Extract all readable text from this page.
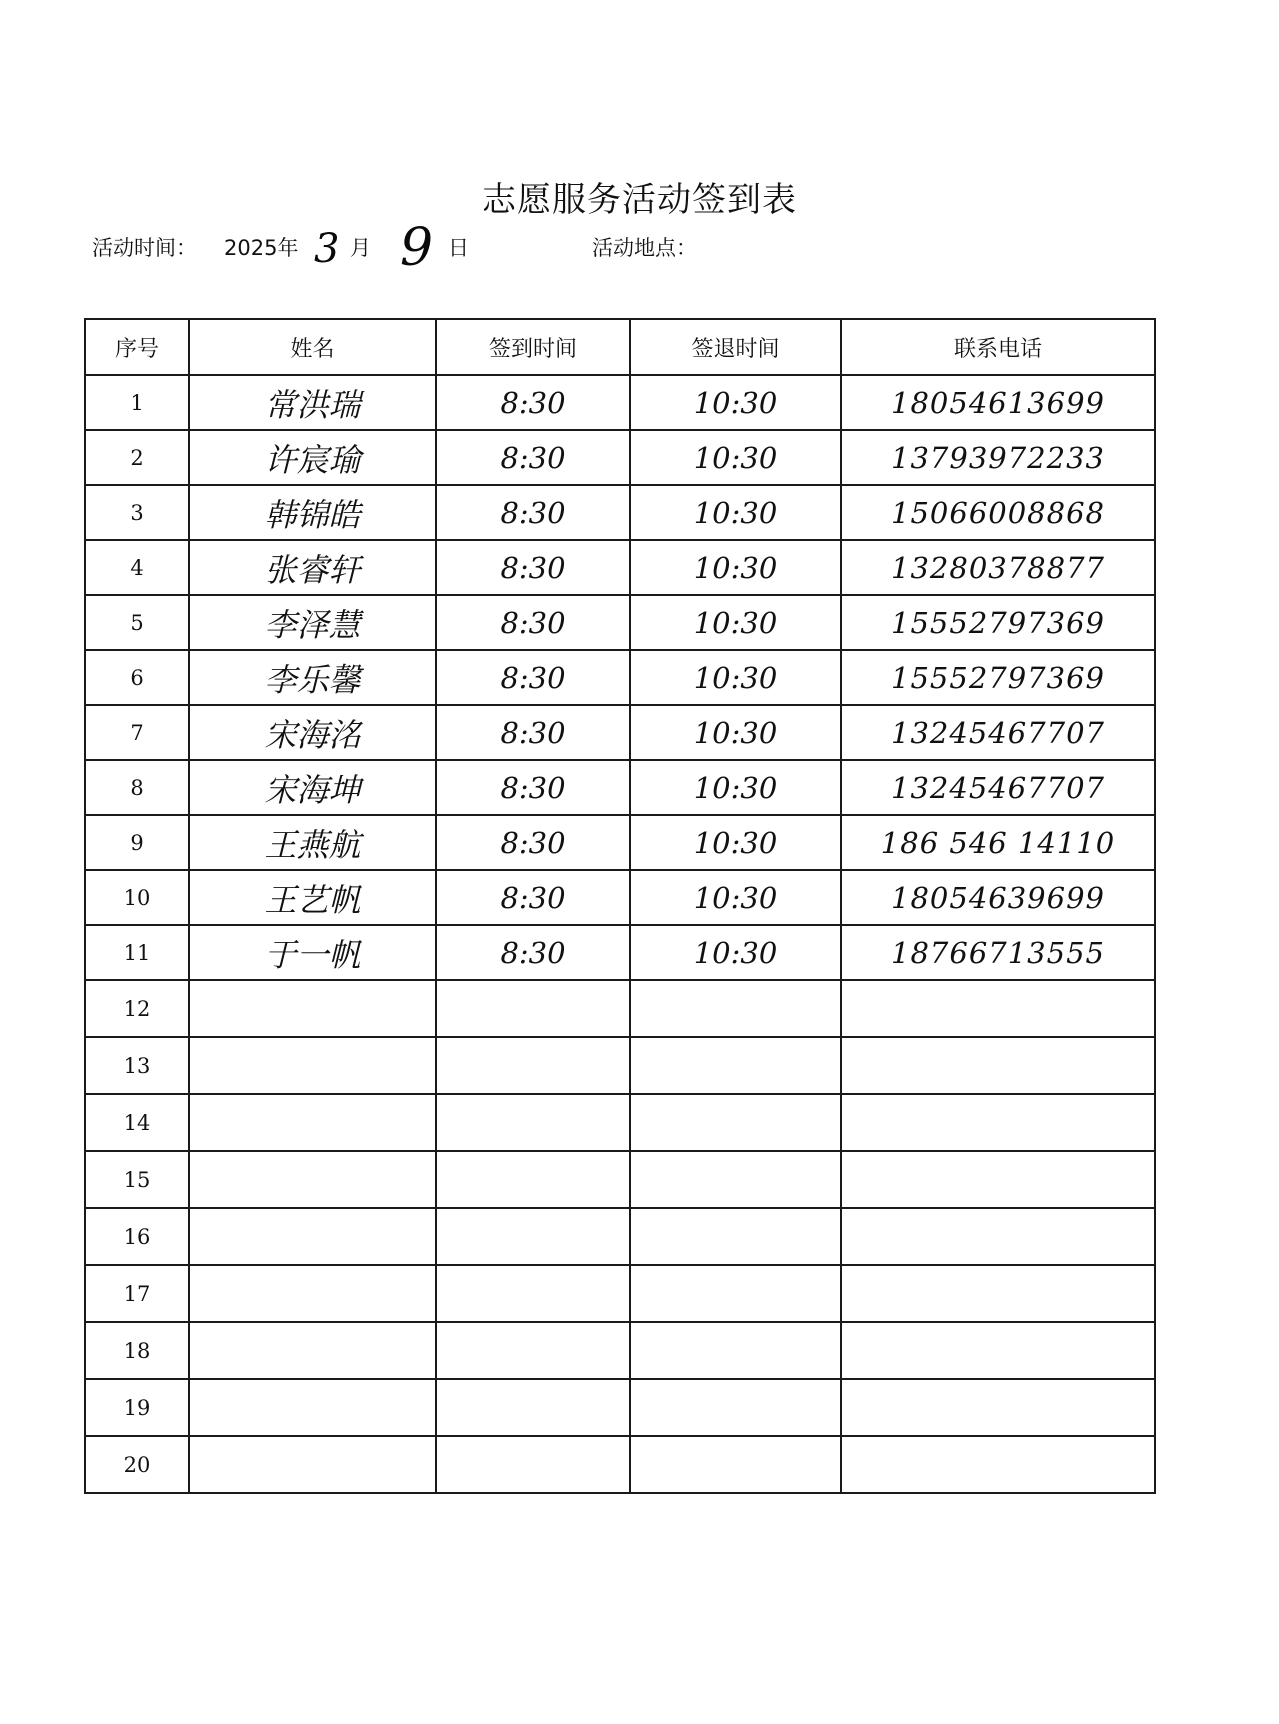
志愿服务活动签到表
活动时间： 2025年 3 月 9 日	活动地点：
序号	姓名	签到时间	签退时间	联系电话
1	常洪瑞	8:30	10:30	18054613699
2	许宸瑜	8:30	10:30	13793972233
3	韩锦皓	8:30	10:30	15066008868
4	张睿轩	8:30	10:30	13280378877
5	李泽慧	8:30	10:30	15552797369
6	李乐馨	8:30	10:30	15552797369
7	宋海洺	8:30	10:30	13245467707
8	宋海坤	8:30	10:30	13245467707
9	王燕航	8:30	10:30	186 546 14110
10	王艺帆	8:30	10:30	18054639699
11	于一帆	8:30	10:30	18766713555
12				
13				
14				
15				
16				
17				
18				
19				
20				
